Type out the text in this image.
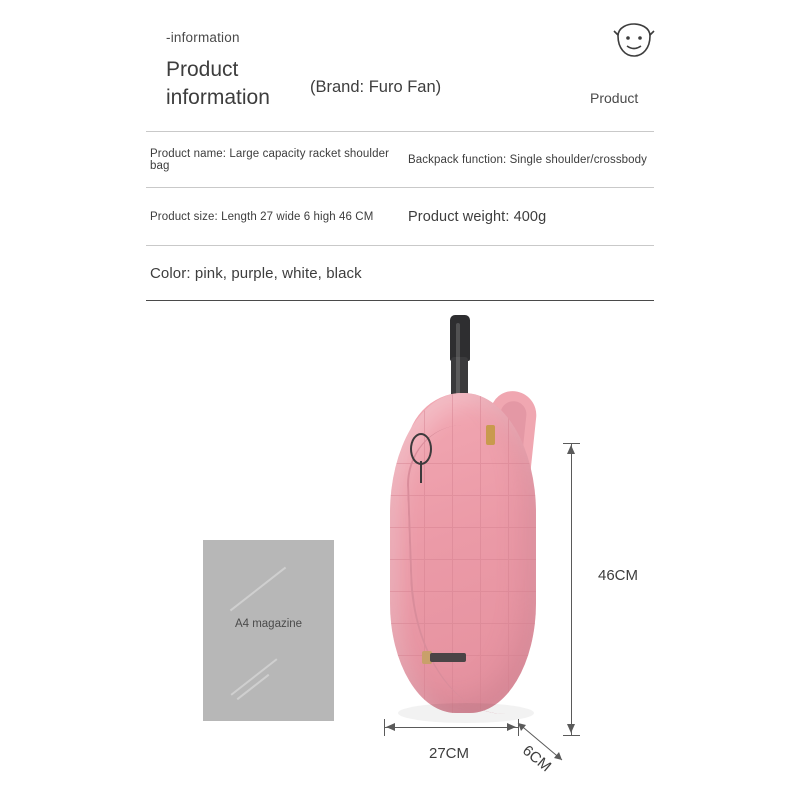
-information
Product
information	(Brand: Furo Fan)
Product
Product name: Large capacity racket shoulder bag	Backpack function: Single shoulder/crossbody
Product size: Length 27 wide 6 high 46 CM	Product weight: 400g
Color: pink, purple, white, black
A4 magazine
46CM
27CM	6CM
